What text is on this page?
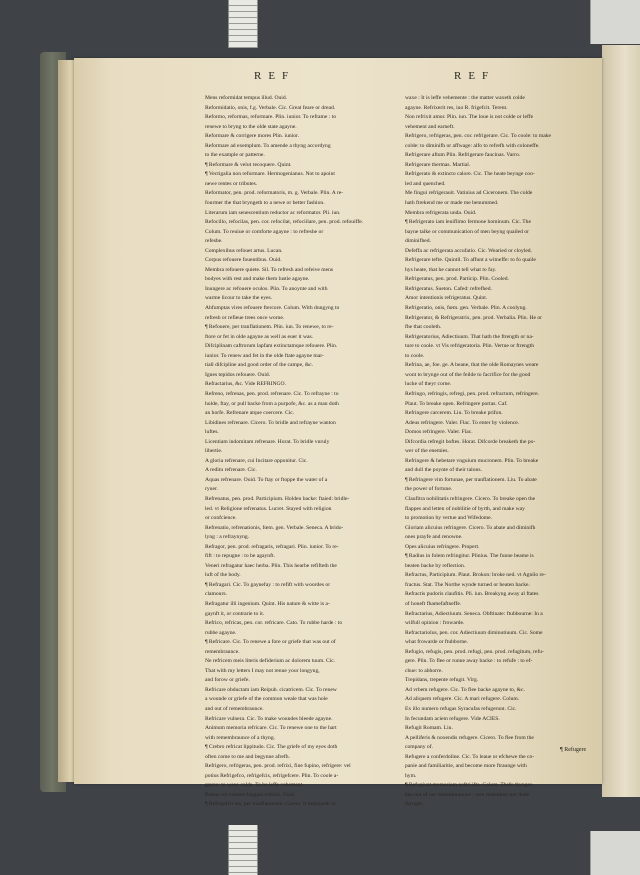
REF	REF

Mens reformidat tempus illud. Ouid.

Reformidatio, onis, f.g. Verbale. Cic. Great feare or dread.

Reformo, reformas, reformare. Plin. iunior. To reframe : to

renewe to bryng to the olde state agayne.

Reformare & corrigere mores Plin. iunior.

Reformare ad exemplum. To amende a thyng accordyng

to the example or patterne.

¶ Reformare & velut recoquere. Quint.

¶ Vectigalia non reformare. Hermogenianus. Not to apoint

newe rentes or tributes.

Reformator, pen. prod. reformatoris, m. g. Verbale. Plin. A re-

fourmer the that bryngeth to a newe or better fashion.

Literarum iam senescentium reductor ac reformator. Pli. iun.

Refocillo, refocilas, pen. cor. refocilat, refociilare, pen. prod. refouiffe.

Colum. To reuiue or comforte agayne : to refreshe or

refeshe.

Complexibus refouet artus. Lucan.

Corpus refouere fouentibus. Ouid.

Membra refouere quiete. Sil. To refresh and refeive mens

bodyes with rest and make them lustie agayne.

Inungere ac refouere oculos. Plin. To anoynte and with

warme licour to take the eyes.

Abfumptas vires refouere ftercore. Colum. With dungyng to

refresh or refieue trees once worne.

¶ Refouere, per tranflationem. Plin. iun. To renewe, to re-

ftore or fet in olde agayne as well as euer it was.

Difciplinam caftrorum lapfam extinctamque refouere. Plin.

iunior. To renew and fet in the olde ftate agayne mar-

tiall difcipline and good order of the campe, &c.

Ignes tepidos refouere. Ouid.

Refractarius, &c. Vide REFRINGO.

Refreno, refrenas, pen. prod. refrenare. Cic. To refrayne : to

holde, ftay, or pull backe from a purpofe, &c. as a man doth

an horfe. Refrenare atque coercere. Cic.

Libidines refrenare. Cicero. To bridle and refrayne wanton

luftes.

Licentiam indomitam refrenare. Horat. To bridle vnruly

libertie.

A gloria refrenare, cui Incitare opponitur. Cic.

A reditu refrenare. Cic.

Aquas refrenare. Ouid. To ftay or ftoppe the water of a

ryuer.

Refrenatus, pen. prod. Participium. Holden backe: ftaied: bridle-

led. vt Religione refrenatus. Lucret. Stayed with religion

or confcience.

Refrenatio, refrenationis, fœm. gen. Verbale. Seneca. A brido-

lyng : a refraynyng.

Refragor, pen. prod. refragaris, refragari. Plin. iunior. To re-

fift : to repugne : to be agaynft.

Veneri refragatur haec herba. Plin. This hearbe refifteth the

luft of the body.

¶ Refragari. Cic. To gaynefay : to refift with woordes or

clamours.

Refragatur illi ingenium. Quint. His nature & witte is a-

gaynft it, or contrarie to it.

Refrico, refricas, pen. cor. refricare. Cato. To rubbe harde : to

rubbe agayne.

¶ Refricare. Cic. To renewe a fore or griefe that was out of

remembraunce.

Ne refricem meis literis defiderium ac dolorem tuum. Cic.

That with my letters I may not renue your longyng,

and forow or griefe.

Refricare obductam iam Reipub. cicatricem. Cic. To renew

a wounde or griefe of the common weale that was hole

and out of remembraunce.

Refricare vulnera. Cic. To make woundes bleede agayne.

Animum memoria refricare. Cic. To renewe one to the hart

with remembraunce of a thyng.

¶ Crebro refricat lippitudo. Cic. The griefe of my eyes doth

often come to me and begynne afrefh.

Refrigero, refrigeras, pen. prod. refrixi, fine fupino, refrigere: vel

potius Refrigefco, refrigefcis, refrigefcere. Plin. To coole a-

gayne: to waxe colde. To be leffe vehement.

Partus cui vulnere languis refrixit. Ouid.

¶ Refrigefcit res, per tranflationem. Cicero. It beginneth to

waxe : It is leffe vehemente : the matter waxeth colde

agayne. Refrixerit res, iuo R. frigefcit. Terent.

Non refrixit amor. Plin. iun. The loue is not colde or leffe

vehement and earneft.

Refrigero, refrigeras, pen. cor. refrigerare. Cic. To coole: to make

colde: to diminifh or affwage: alfo to refrefh with coloneffe.

Refrigerare aftum Plin. Refrigerare faucinas. Varro.

Refrigerare thermas. Martial.

Refrigerato & extincto calore. Cic. The heate beynge coo-

led and quenched.

Me fingui refrigerauit. Vatinius ad Ciceronem. The colde

hath ftrekend me or made me benummed.

Membra refrigerata unda. Ouid.

¶ Refrigerato iam leuiflimo fermone hominum. Cic. The

bayne talke or communication of men beyng quailed or

diminifhed.

Defeffa ac refrigerata accufatio. Cic. Wearied or cloyled.

Refrigerare tefte. Quintil. To affunt a witneffe: to fo quaile

hys heate, that he cannot tell what to fay.

Refrigeratus, pen. prod. Particip. Plin. Cooled.

Refrigeratus. Sueton. Cafed: refrefhed.

Amor intentionis refrigeratus. Quint.

Refrigeratio, onis, fœm. gen. Verbale. Plin. A coolyng.

Refrigerator, & Refrigeratrix, pen. prod. Verbalia. Plin. He or

fhe that cooleth.

Refrigeratorius, Adiectiuum. That hath the ftrength or na-

ture to coole. vt Vis refrigeratoria. Plin. Vertue or ftrength

to coole.

Refrina, ae, foe. ge. A beane, that the olde Romaynes weare

wont to brynge out of the feilde to facrifice for the good

lucke of theyr corne.

Refringo, refringis, refregi, pen. prod. refractum, refringere.

Plaut. To breake open. Refringere portas. Caf.

Refringere carcerem. Liu. To breake prifon.

Adeus refringere. Valer. Flac. To enter by violence.

Domos refringere. Valer. Flac.

Difcordia refregit boftes. Horat. Difcorde breaketh the po-

wer of the enemies.

Refringere & hebetare vnguium mucronem. Plin. To breake

and dull the poynte of their talons.

¶ Refringere vim fortunae, per tranflationem. Liu. To abate

the power of fortune.

Claufitra nobilitatis refringere. Cicero. To breake open the

flappes and letten of nobilitie of byrth, and make way

to promotion by vertue and Wifedome.

Gloriam alicuius refringere. Cicero. To abate and diminifh

ones prayfe and renowne.

Opes alicuius refringere. Propert.

¶ Radius in folem refringitur. Plinius. The funne beame is

beaten backe by reflection.

Refractus, Participium. Plaut. Brokon: broke ned. vt Agnilo re-

fractus. Stat. The Northe wynde turned or beaten backe.

Refractis pudoris claufitis. Pli. iun. Breakyng away al ftates

of honeft fhamefaftneffe.

Refractarius, Adiectiuum. Seneca. Obftinate: ftubbourne: In a

wilfull opinion : frowarde.

Refractariolus, pen. cor. Adiectiuum diminutiuum. Cic. Some

what frowarde or ftubborne.

Refugio, refugis, pen. prod. refugi, pen. prod. refugitum, refu-

gere. Plin. To flee or runne away backe : to refufe : to ef-

chue: to abhorre.

Trepidans, trepente refugit. Virg.

Ad vrbem refugere. Cic. To flee backe agayne to, &c.

Ad aliquem refugere. Cic. A mari refugere. Colum.

Ex illo numero refugas Syracufas refugerunt. Cic.

In fecundam aciem refugere. Vide ACIES.

Refugit Romam. Liu.

A pelliferis & noxendis refugere. Cicero. To flee from the

company of.

Refugere a conferdoline. Cic. To leaue or efchewe the co-

panie and familiaritie, and become more ftraunge with

hym.

¶ Refugiunt memoriam noftri ifta. Colum. Thefe thynges

bee out of our remembraunce : wee remember not thefe

thynges.

¶ Refugere
